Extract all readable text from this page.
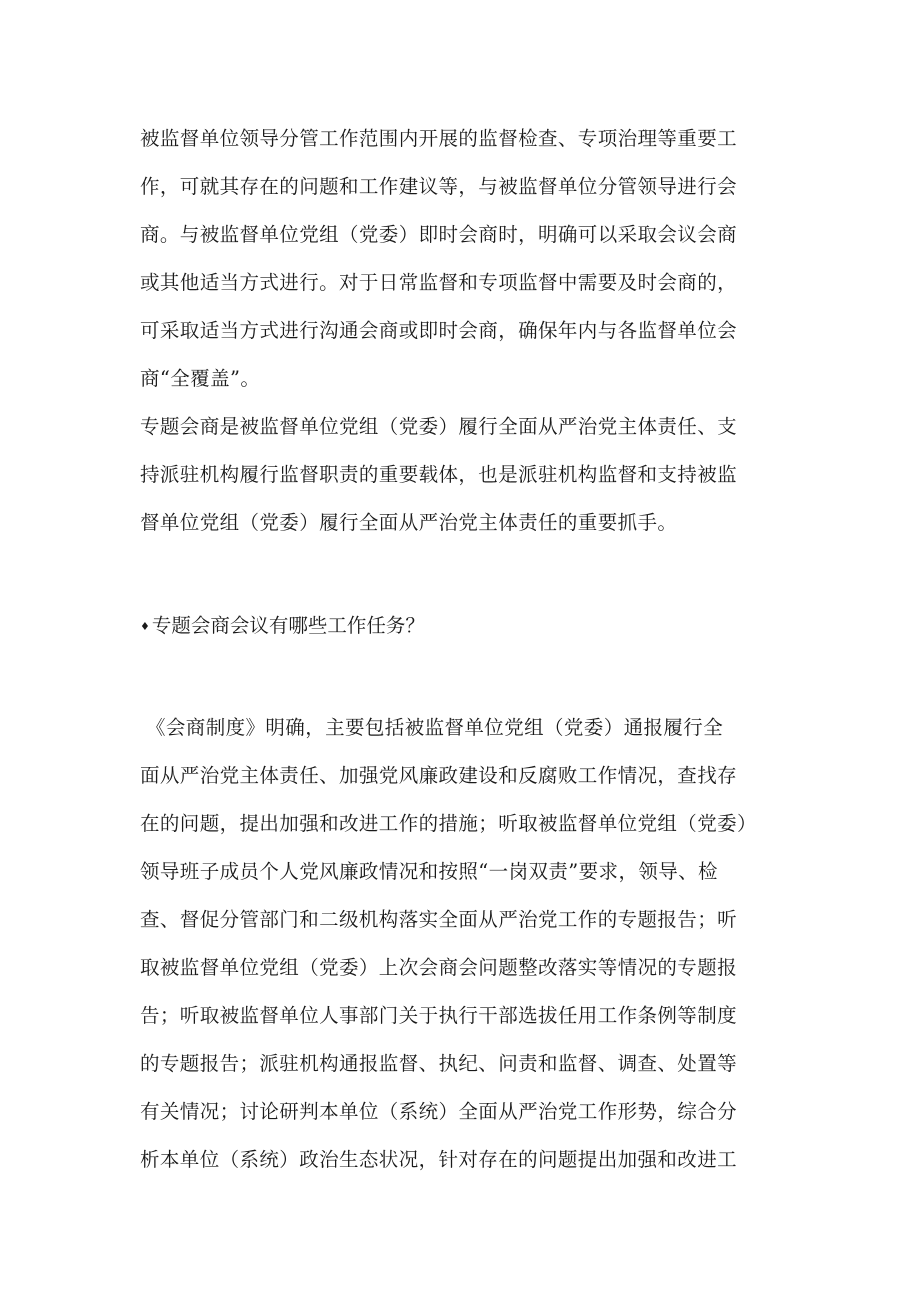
被监督单位领导分管工作范围内开展的监督检查、专项治理等重要工
作，可就其存在的问题和工作建议等，与被监督单位分管领导进行会
商。与被监督单位党组（党委）即时会商时，明确可以采取会议会商
或其他适当方式进行。对于日常监督和专项监督中需要及时会商的，
可采取适当方式进行沟通会商或即时会商，确保年内与各监督单位会
商“全覆盖”。
专题会商是被监督单位党组（党委）履行全面从严治党主体责任、支
持派驻机构履行监督职责的重要载体，也是派驻机构监督和支持被监
督单位党组（党委）履行全面从严治党主体责任的重要抓手。
♦ 专题会商会议有哪些工作任务？
《会商制度》明确，主要包括被监督单位党组（党委）通报履行全
面从严治党主体责任、加强党风廉政建设和反腐败工作情况，查找存
在的问题，提出加强和改进工作的措施；听取被监督单位党组（党委）
领导班子成员个人党风廉政情况和按照“一岗双责”要求，领导、检
查、督促分管部门和二级机构落实全面从严治党工作的专题报告；听
取被监督单位党组（党委）上次会商会问题整改落实等情况的专题报
告；听取被监督单位人事部门关于执行干部选拔任用工作条例等制度
的专题报告；派驻机构通报监督、执纪、问责和监督、调查、处置等
有关情况；讨论研判本单位（系统）全面从严治党工作形势，综合分
析本单位（系统）政治生态状况，针对存在的问题提出加强和改进工
